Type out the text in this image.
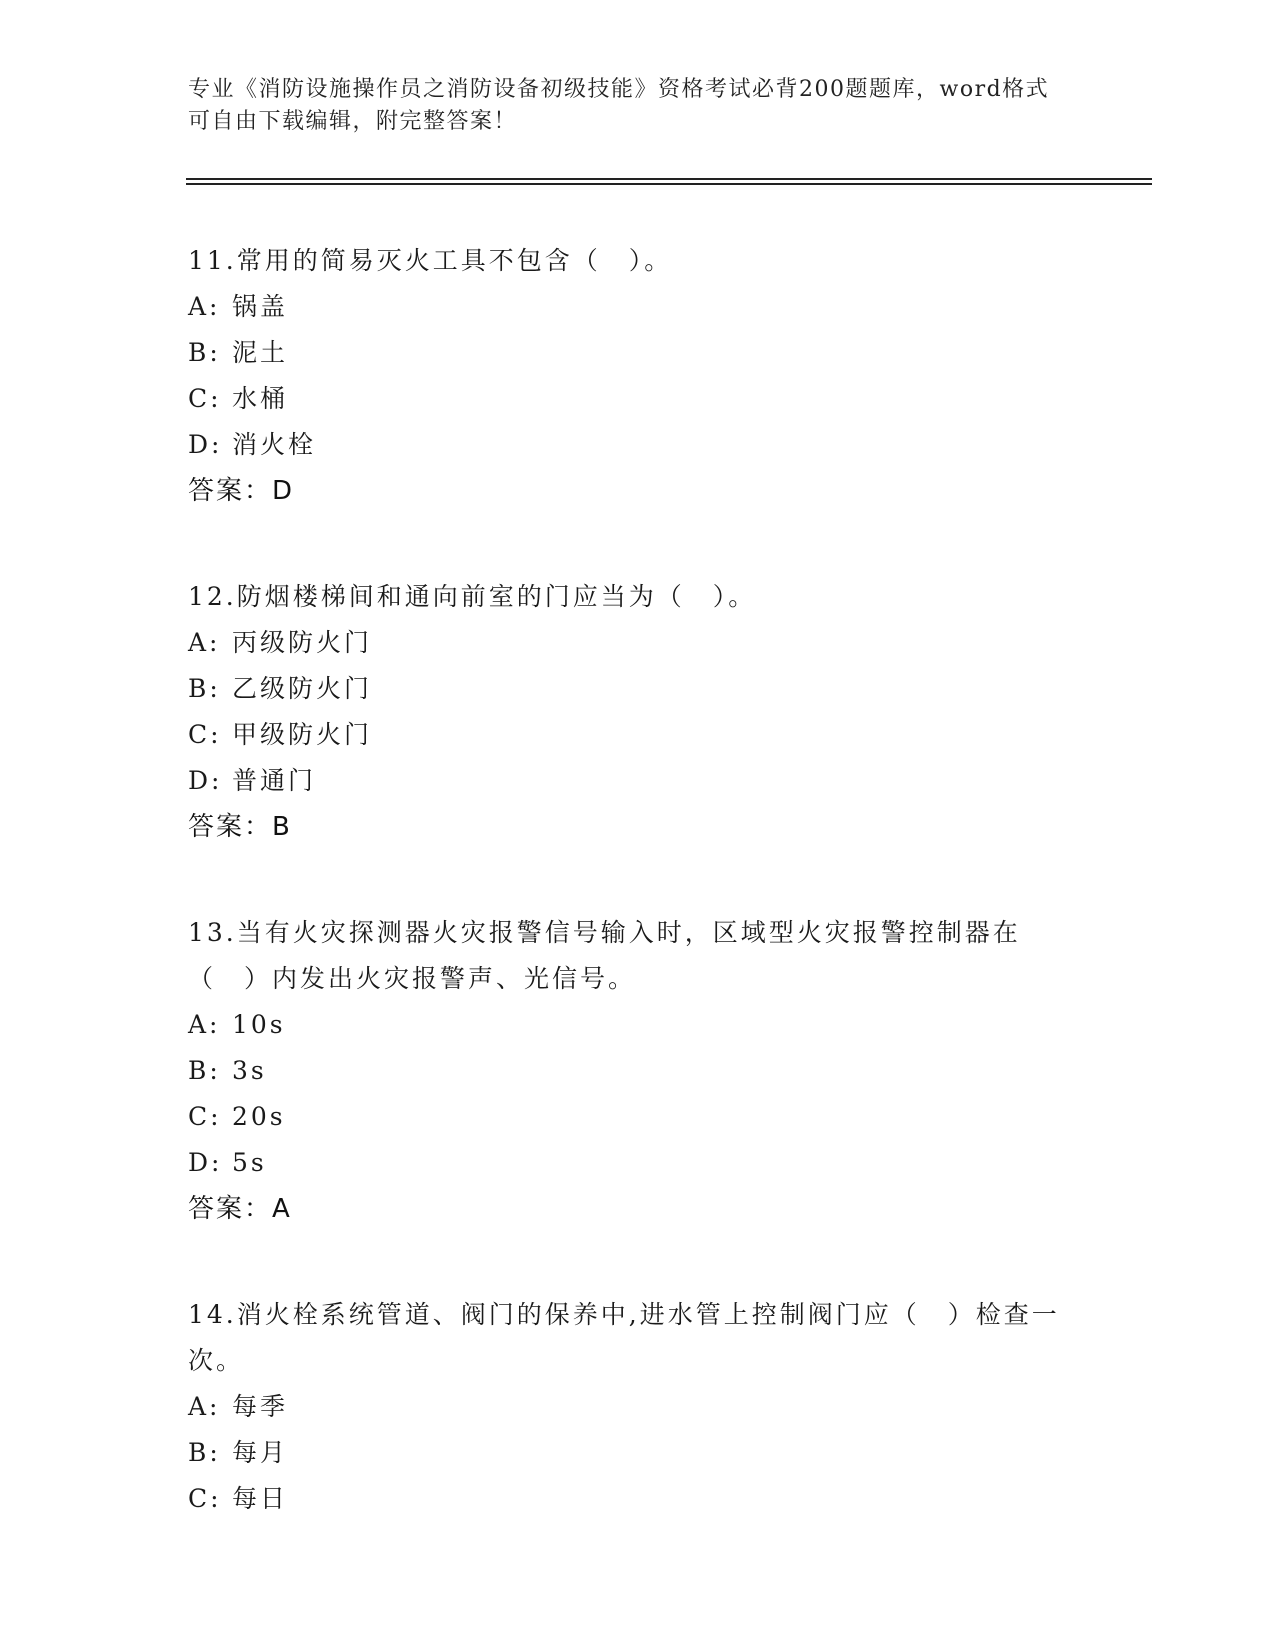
专业《消防设施操作员之消防设备初级技能》资格考试必背200题题库，word格式可自由下载编辑，附完整答案！
11.常用的简易灭火工具不包含（　）。
A: 锅盖
B: 泥土
C: 水桶
D: 消火栓
答案：D
12.防烟楼梯间和通向前室的门应当为（　）。
A: 丙级防火门
B: 乙级防火门
C: 甲级防火门
D: 普通门
答案：B
13.当有火灾探测器火灾报警信号输入时，区域型火灾报警控制器在（　）内发出火灾报警声、光信号。
A: 10s
B: 3s
C: 20s
D: 5s
答案：A
14.消火栓系统管道、阀门的保养中,进水管上控制阀门应（　）检查一次。
A: 每季
B: 每月
C: 每日
